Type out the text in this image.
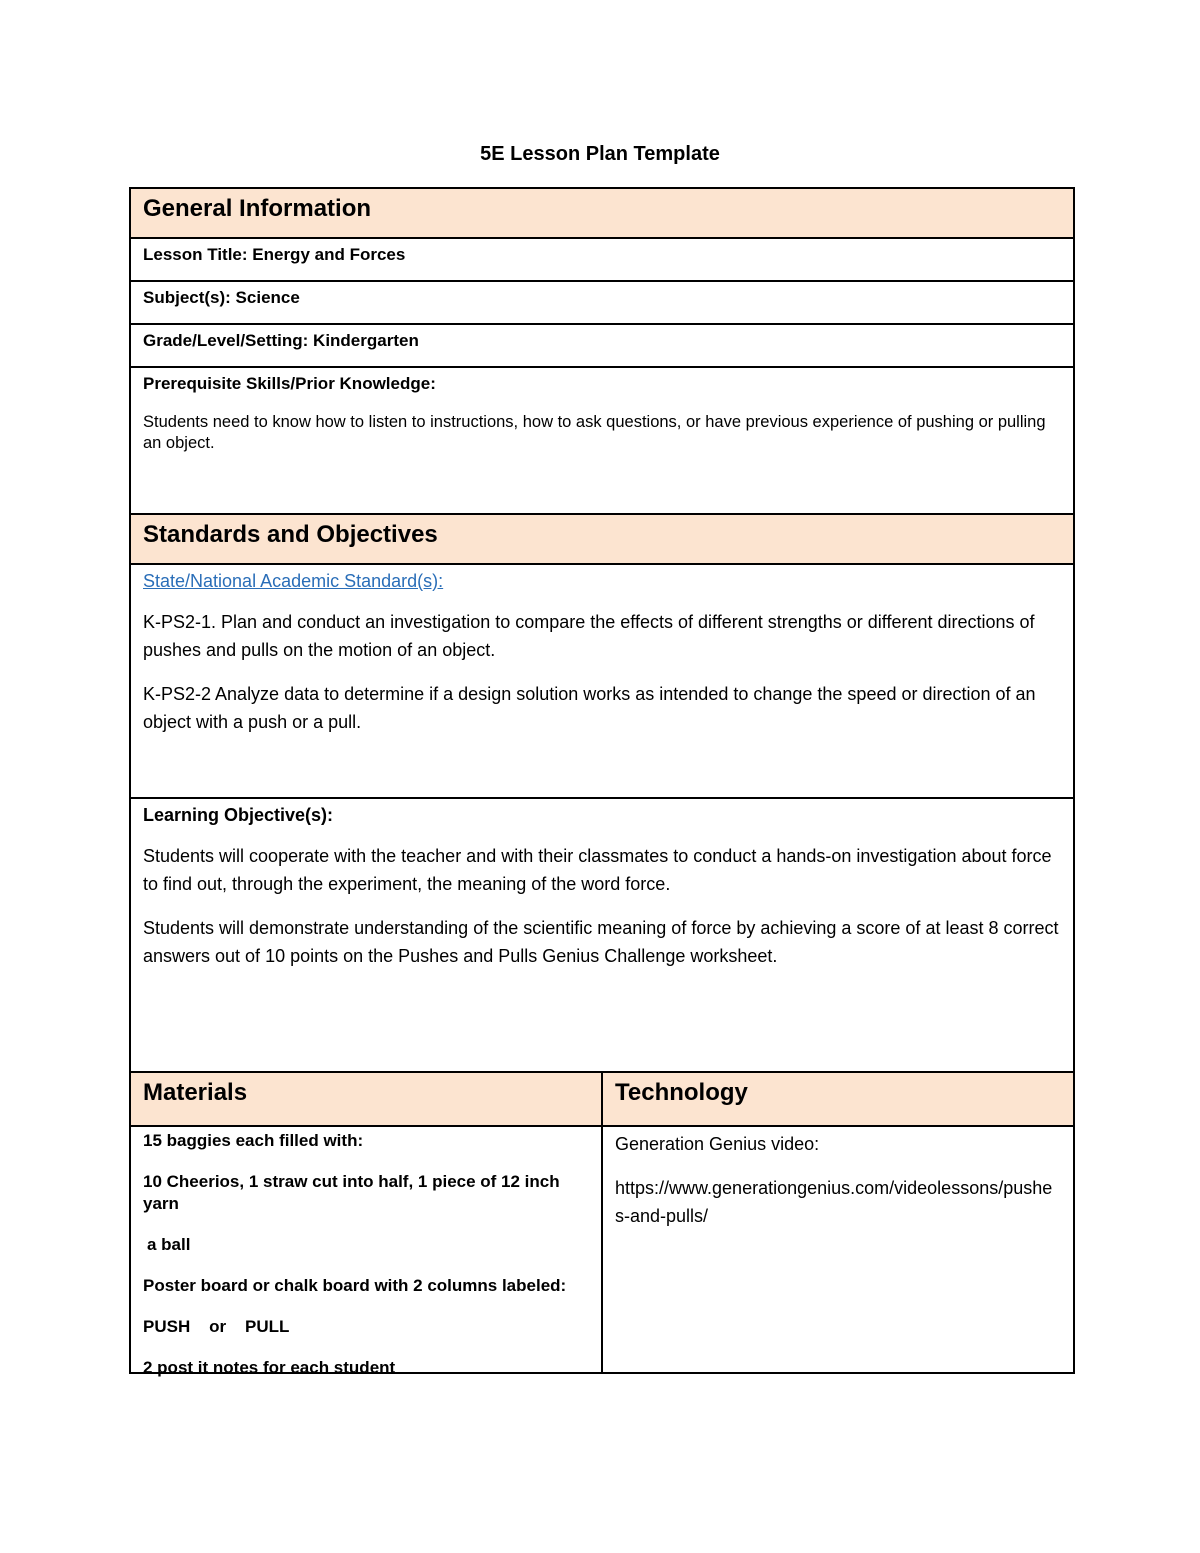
5E Lesson Plan Template
General Information
Lesson Title: Energy and Forces
Subject(s): Science
Grade/Level/Setting: Kindergarten
Prerequisite Skills/Prior Knowledge:
Students need to know how to listen to instructions, how to ask questions, or have previous experience of pushing or pulling an object.
Standards and Objectives
State/National Academic Standard(s):

K-PS2-1. Plan and conduct an investigation to compare the effects of different strengths or different directions of pushes and pulls on the motion of an object.

K-PS2-2 Analyze data to determine if a design solution works as intended to change the speed or direction of an object with a push or a pull.

Learning Objective(s):

Students will cooperate with the teacher and with their classmates to conduct a hands-on investigation about force to find out, through the experiment, the meaning of the word force.

Students will demonstrate understanding of the scientific meaning of force by achieving a score of at least 8 correct answers out of 10 points on the Pushes and Pulls Genius Challenge worksheet.

Materials	Technology
15 baggies each filled with:
10 Cheerios, 1 straw cut into half, 1 piece of 12 inch yarn
a ball
Poster board or chalk board with 2 columns labeled:
PUSH    or    PULL
2 post it notes for each student
Generation Genius video:
https://www.generationgenius.com/videolessons/pushes-and-pulls/
